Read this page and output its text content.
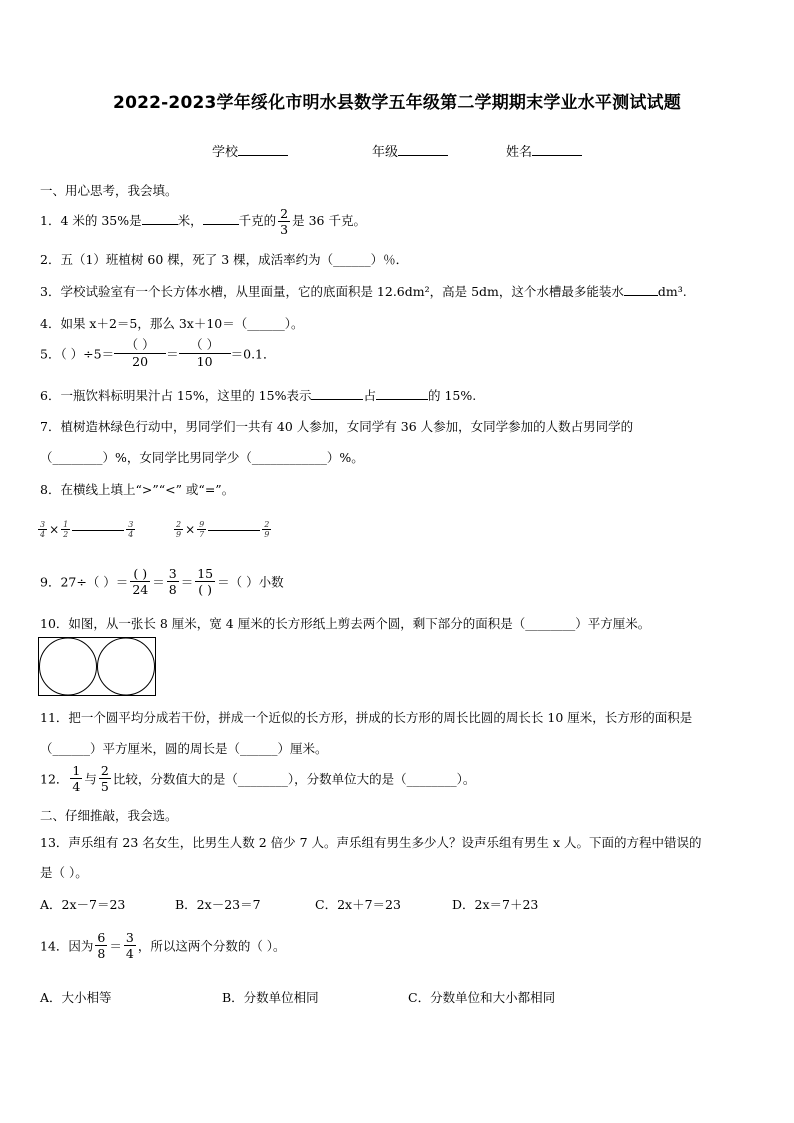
2022-2023学年绥化市明水县数学五年级第二学期期末学业水平测试试题
学校	年级	姓名
一、用心思考，我会填。
1．4 米的 35%是	米，	千克的 $\frac{2}{3}$ 是 36 千克。
2．五（1）班植树 60 棵，死了 3 棵，成活率约为（______）％．
3．学校试验室有一个长方体水槽，从里面量，它的底面积是 12.6dm²，高是 5dm，这个水槽最多能装水	dm³.
4．如果 x＋2＝5，那么 3x＋10＝（______）。
5．（ ）÷5＝
（ ）
20	＝
（ ）
10	＝0.1．
6．一瓶饮料标明果汁占 15%，这里的 15%表示	占	的 15%.
7．植树造林绿色行动中，男同学们一共有 40 人参加，女同学有 36 人参加，女同学参加的人数占男同学的
（________）%，女同学比男同学少（____________）%。
8．在横线上填上“>”“<” 或“=”。
$\frac{3}{4} \times \frac{1}{2}$	$\frac{3}{4}$	$\frac{2}{9} \times \frac{9}{7}$	$\frac{2}{9}$
9．27÷（ ）＝ $\frac{( )}{24} = \frac{3}{8} = \frac{15}{( )}$ ＝（ ）小数
10．如图，从一张长 8 厘米，宽 4 厘米的长方形纸上剪去两个圆，剩下部分的面积是（________）平方厘米。
11．把一个圆平均分成若干份，拼成一个近似的长方形，拼成的长方形的周长比圆的周长长 10 厘米，长方形的面积是
（______）平方厘米，圆的周长是（______）厘米。
12． $\frac{1}{4}$ 与 $\frac{2}{5}$ 比较，分数值大的是（________），分数单位大的是（________）。
二、仔细推敲，我会选。
13．声乐组有 23 名女生，比男生人数 2 倍少 7 人。声乐组有男生多少人？设声乐组有男生 x 人。下面的方程中错误的
是（ ）。
A．2x－7＝23	B．2x－23＝7	C．2x＋7＝23	D．2x＝7＋23
14．因为 $\frac{6}{8} = \frac{3}{4}$ ，所以这两个分数的（ ）。
A．大小相等	B．分数单位相同	C．分数单位和大小都相同
